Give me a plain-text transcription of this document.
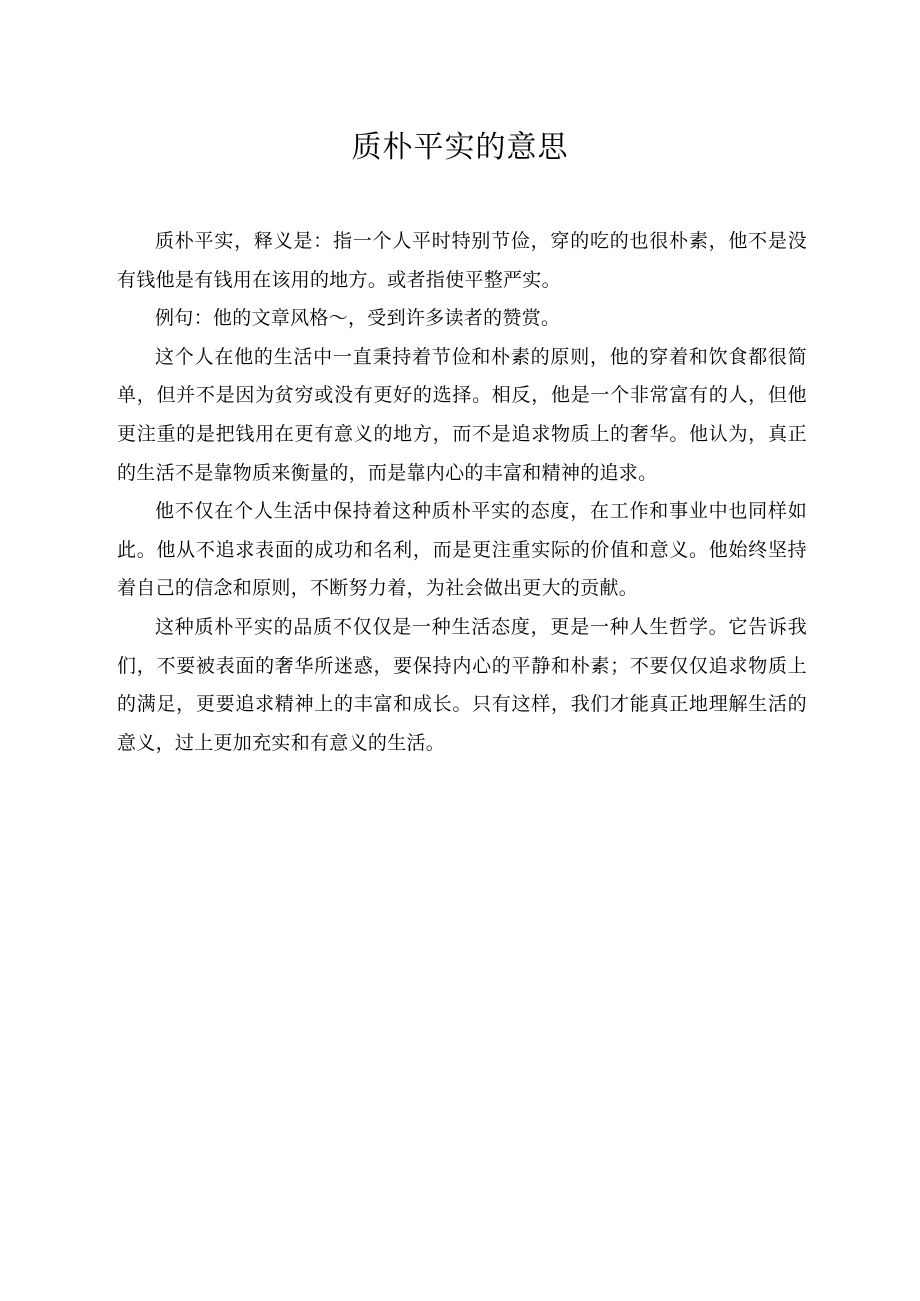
质朴平实的意思

质朴平实，释义是：指一个人平时特别节俭，穿的吃的也很朴素，他不是没有钱他是有钱用在该用的地方。或者指使平整严实。

例句：他的文章风格～，受到许多读者的赞赏。

这个人在他的生活中一直秉持着节俭和朴素的原则，他的穿着和饮食都很简单，但并不是因为贫穷或没有更好的选择。相反，他是一个非常富有的人，但他更注重的是把钱用在更有意义的地方，而不是追求物质上的奢华。他认为，真正的生活不是靠物质来衡量的，而是靠内心的丰富和精神的追求。

他不仅在个人生活中保持着这种质朴平实的态度，在工作和事业中也同样如此。他从不追求表面的成功和名利，而是更注重实际的价值和意义。他始终坚持着自己的信念和原则，不断努力着，为社会做出更大的贡献。

这种质朴平实的品质不仅仅是一种生活态度，更是一种人生哲学。它告诉我们，不要被表面的奢华所迷惑，要保持内心的平静和朴素；不要仅仅追求物质上的满足，更要追求精神上的丰富和成长。只有这样，我们才能真正地理解生活的意义，过上更加充实和有意义的生活。
